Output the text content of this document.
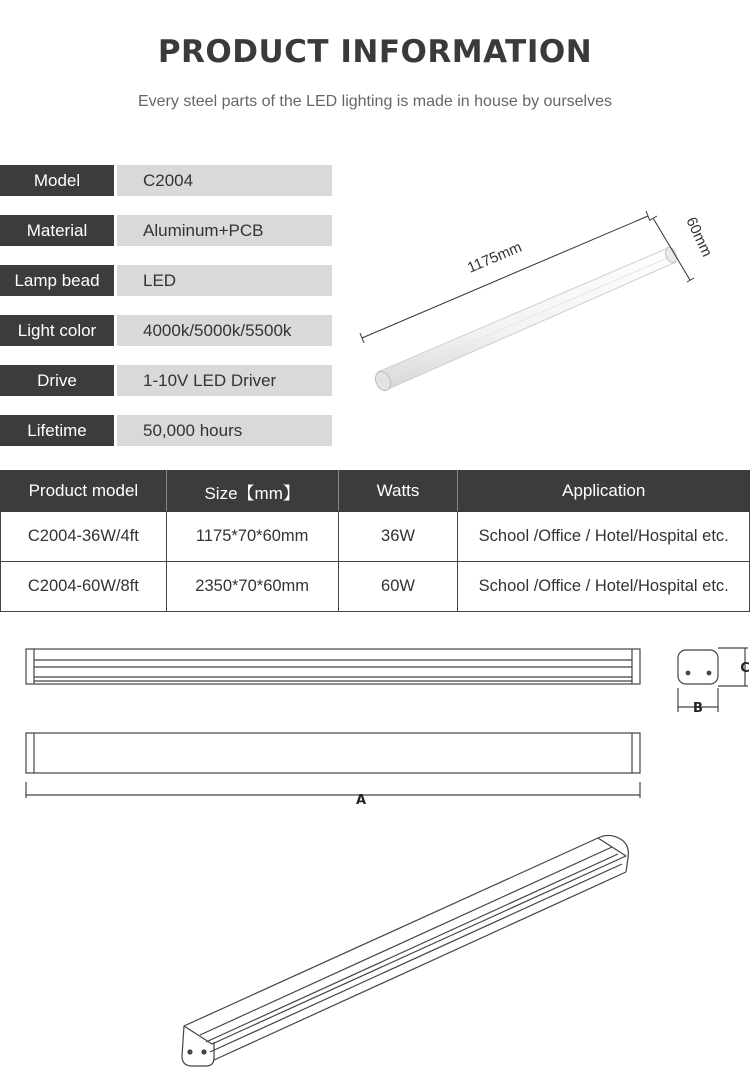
PRODUCT INFORMATION
Every steel parts of the LED lighting is made in house by ourselves
Model	C2004
Material	Aluminum+PCB
Lamp bead	LED
Light color	4000k/5000k/5500k
Drive	1-10V LED Driver
Lifetime	50,000 hours
1175mm	60mm
Product model	Size【mm】	Watts	Application
C2004-36W/4ft	1175*70*60mm	36W	School /Office / Hotel/Hospital etc.
C2004-60W/8ft	2350*70*60mm	60W	School /Office / Hotel/Hospital etc.
A
C
B
